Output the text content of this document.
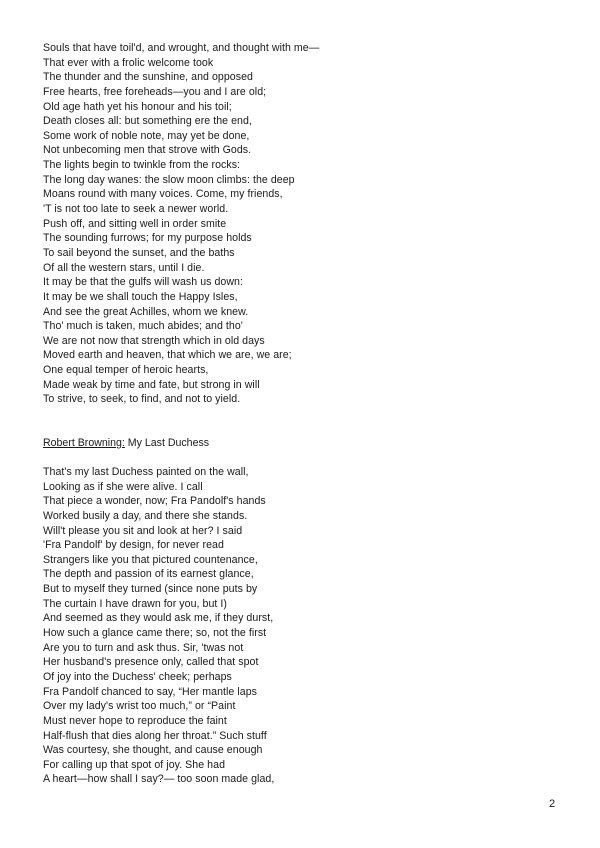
Souls that have toil'd, and wrought, and thought with me—
That ever with a frolic welcome took
The thunder and the sunshine, and opposed
Free hearts, free foreheads—you and I are old;
Old age hath yet his honour and his toil;
Death closes all: but something ere the end,
Some work of noble note, may yet be done,
Not unbecoming men that strove with Gods.
The lights begin to twinkle from the rocks:
The long day wanes: the slow moon climbs: the deep
Moans round with many voices. Come, my friends,
'T is not too late to seek a newer world.
Push off, and sitting well in order smite
The sounding furrows; for my purpose holds
To sail beyond the sunset, and the baths
Of all the western stars, until I die.
It may be that the gulfs will wash us down:
It may be we shall touch the Happy Isles,
And see the great Achilles, whom we knew.
Tho' much is taken, much abides; and tho'
We are not now that strength which in old days
Moved earth and heaven, that which we are, we are;
One equal temper of heroic hearts,
Made weak by time and fate, but strong in will
To strive, to seek, to find, and not to yield.
Robert Browning: My Last Duchess
That's my last Duchess painted on the wall,
Looking as if she were alive. I call
That piece a wonder, now; Fra Pandolf's hands
Worked busily a day, and there she stands.
Will't please you sit and look at her? I said
'Fra Pandolf' by design, for never read
Strangers like you that pictured countenance,
The depth and passion of its earnest glance,
But to myself they turned (since none puts by
The curtain I have drawn for you, but I)
And seemed as they would ask me, if they durst,
How such a glance came there; so, not the first
Are you to turn and ask thus. Sir, 'twas not
Her husband's presence only, called that spot
Of joy into the Duchess' cheek; perhaps
Fra Pandolf chanced to say, “Her mantle laps
Over my lady's wrist too much,” or “Paint
Must never hope to reproduce the faint
Half-flush that dies along her throat.” Such stuff
Was courtesy, she thought, and cause enough
For calling up that spot of joy. She had
A heart—how shall I say?— too soon made glad,
2
